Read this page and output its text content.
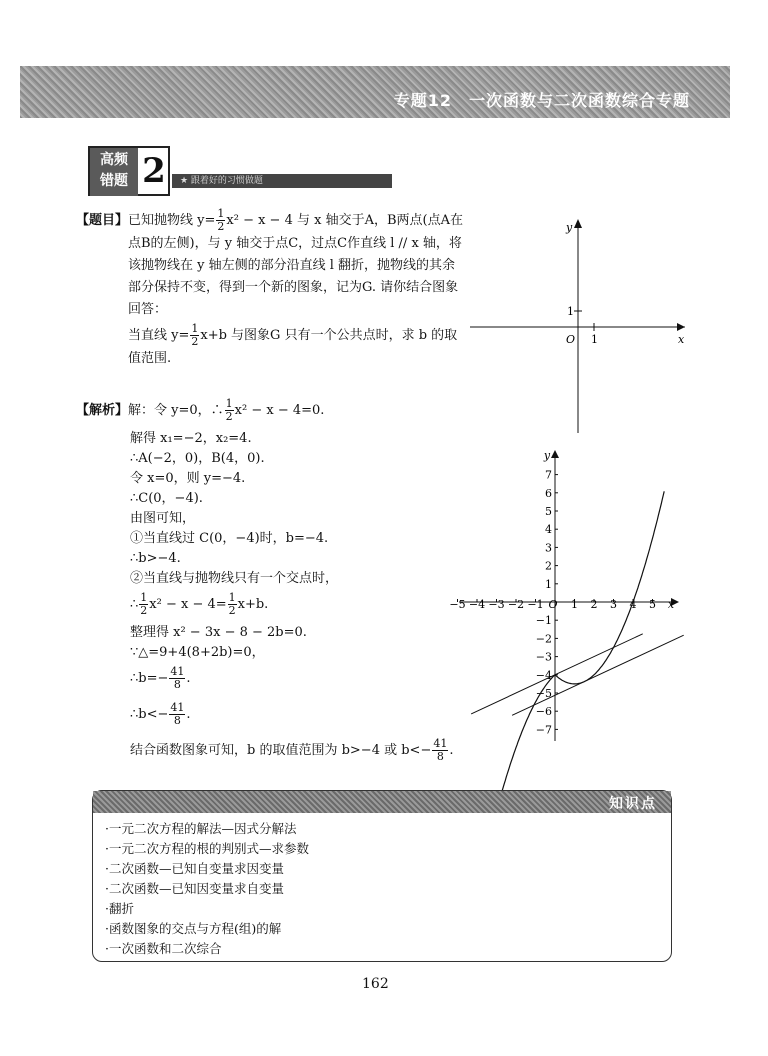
专题12　一次函数与二次函数综合专题
高频
错题 2	★ 跟着好的习惯做题
【题目】已知抛物线 $y= \frac{1}{2} x^2 - x - 4$ 与 x 轴交于A，B两点(点A在
点B的左侧)，与 y 轴交于点C，过点C作直线 l // x 轴，将
该抛物线在 y 轴左侧的部分沿直线 l 翻折，抛物线的其余
部分保持不变，得到一个新的图象，记为G. 请你结合图象
回答：
当直线 $y= \frac{1}{2} x+b$ 与图象G 只有一个公共点时，求 b 的取
值范围.
y
x
O 1
1
【解析】解：令 y=0，∴ $\frac{1}{2} x^2 - x - 4=0$.
解得 x₁=−2，x₂=4.
∴A(−2，0)，B(4，0).
令 x=0，则 y=−4.
∴C(0，−4).
由图可知，
①当直线过 C(0，−4)时，b=−4.
∴b>−4.
②当直线与抛物线只有一个交点时，
∴ $\frac{1}{2} x^2 - x - 4= \frac{1}{2} x+b$.
整理得 x² − 3x − 8 − 2b=0.
∵△=9+4(8+2b)=0，
∴b=− $\frac{41}{8}$ .
∴b<− $\frac{41}{8}$ .
结合函数图象可知，b 的取值范围为 b>−4 或 $b<- \frac{41}{8}$ .
y
x
O
−5 −4 −3 −2 −1 1 2 3 4 5
7
6
5
4
3
2
1
−1
−2
−3
−4
−5
−6
−7
知识点
·一元二次方程的解法—因式分解法
·一元二次方程的根的判别式—求参数
·二次函数—已知自变量求因变量
·二次函数—已知因变量求自变量
·翻折
·函数图象的交点与方程(组)的解
·一次函数和二次综合
162
